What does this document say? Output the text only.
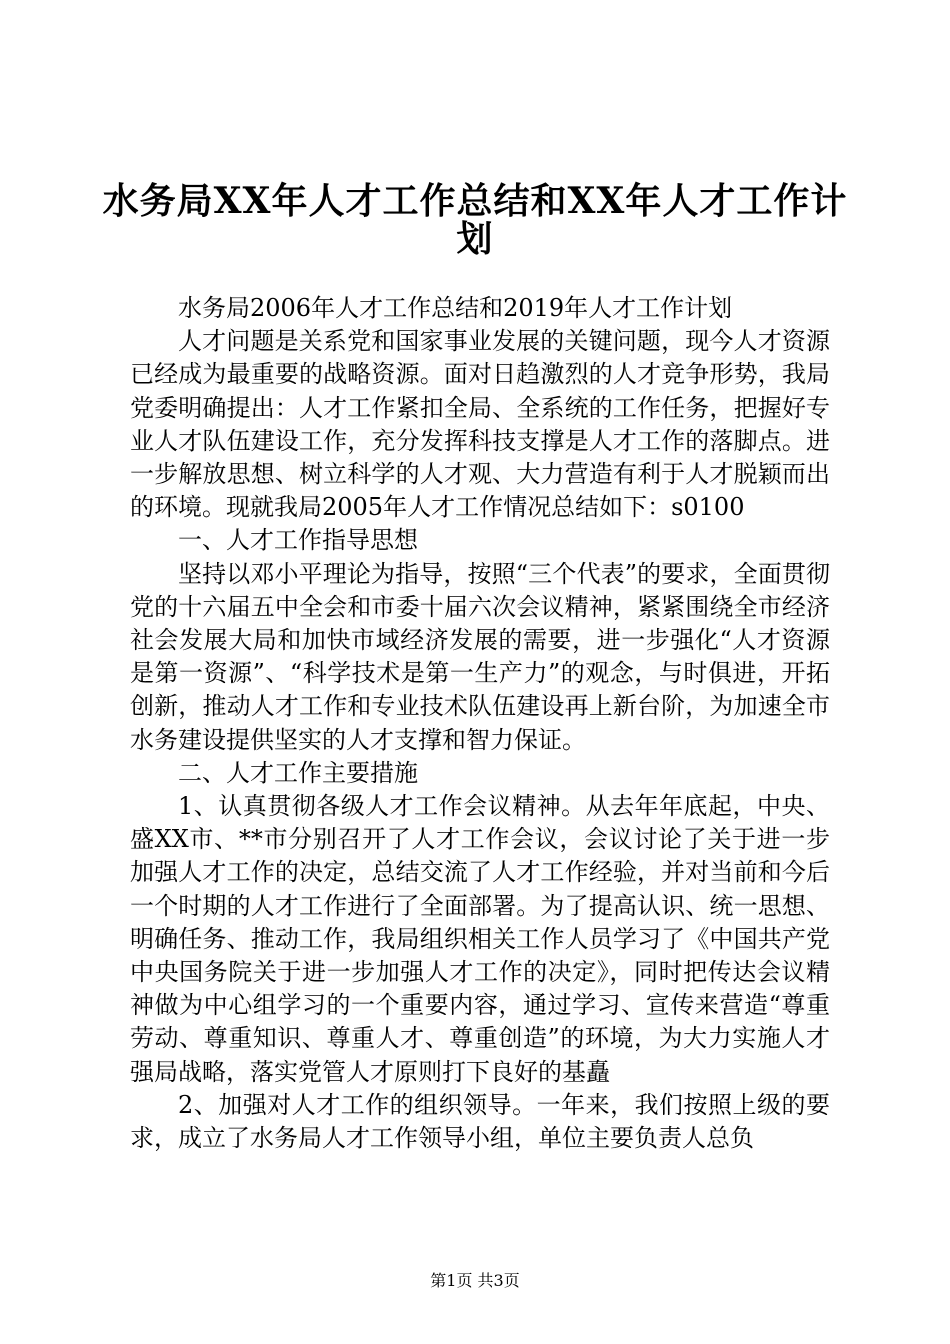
水务局XX年人才工作总结和XX年人才工作计
划

水务局2006年人才工作总结和2019年人才工作计划

人才问题是关系党和国家事业发展的关键问题，现今人才资源已经成为最重要的战略资源。面对日趋激烈的人才竞争形势，我局党委明确提出：人才工作紧扣全局、全系统的工作任务，把握好专业人才队伍建设工作，充分发挥科技支撑是人才工作的落脚点。进一步解放思想、树立科学的人才观、大力营造有利于人才脱颖而出的环境。现就我局2005年人才工作情况总结如下：s0100

一、人才工作指导思想

坚持以邓小平理论为指导，按照“三个代表”的要求，全面贯彻党的十六届五中全会和市委十届六次会议精神，紧紧围绕全市经济社会发展大局和加快市域经济发展的需要，进一步强化“人才资源是第一资源”、“科学技术是第一生产力”的观念，与时俱进，开拓创新，推动人才工作和专业技术队伍建设再上新台阶，为加速全市水务建设提供坚实的人才支撑和智力保证。

二、人才工作主要措施

1、认真贯彻各级人才工作会议精神。从去年年底起，中央、盛XX市、**市分别召开了人才工作会议，会议讨论了关于进一步加强人才工作的决定，总结交流了人才工作经验，并对当前和今后一个时期的人才工作进行了全面部署。为了提高认识、统一思想、明确任务、推动工作，我局组织相关工作人员学习了《中国共产党中央国务院关于进一步加强人才工作的决定》，同时把传达会议精神做为中心组学习的一个重要内容，通过学习、宣传来营造“尊重劳动、尊重知识、尊重人才、尊重创造”的环境，为大力实施人才强局战略，落实党管人才原则打下良好的基矗

2、加强对人才工作的组织领导。一年来，我们按照上级的要求，成立了水务局人才工作领导小组，单位主要负责人总负

第1页 共3页
